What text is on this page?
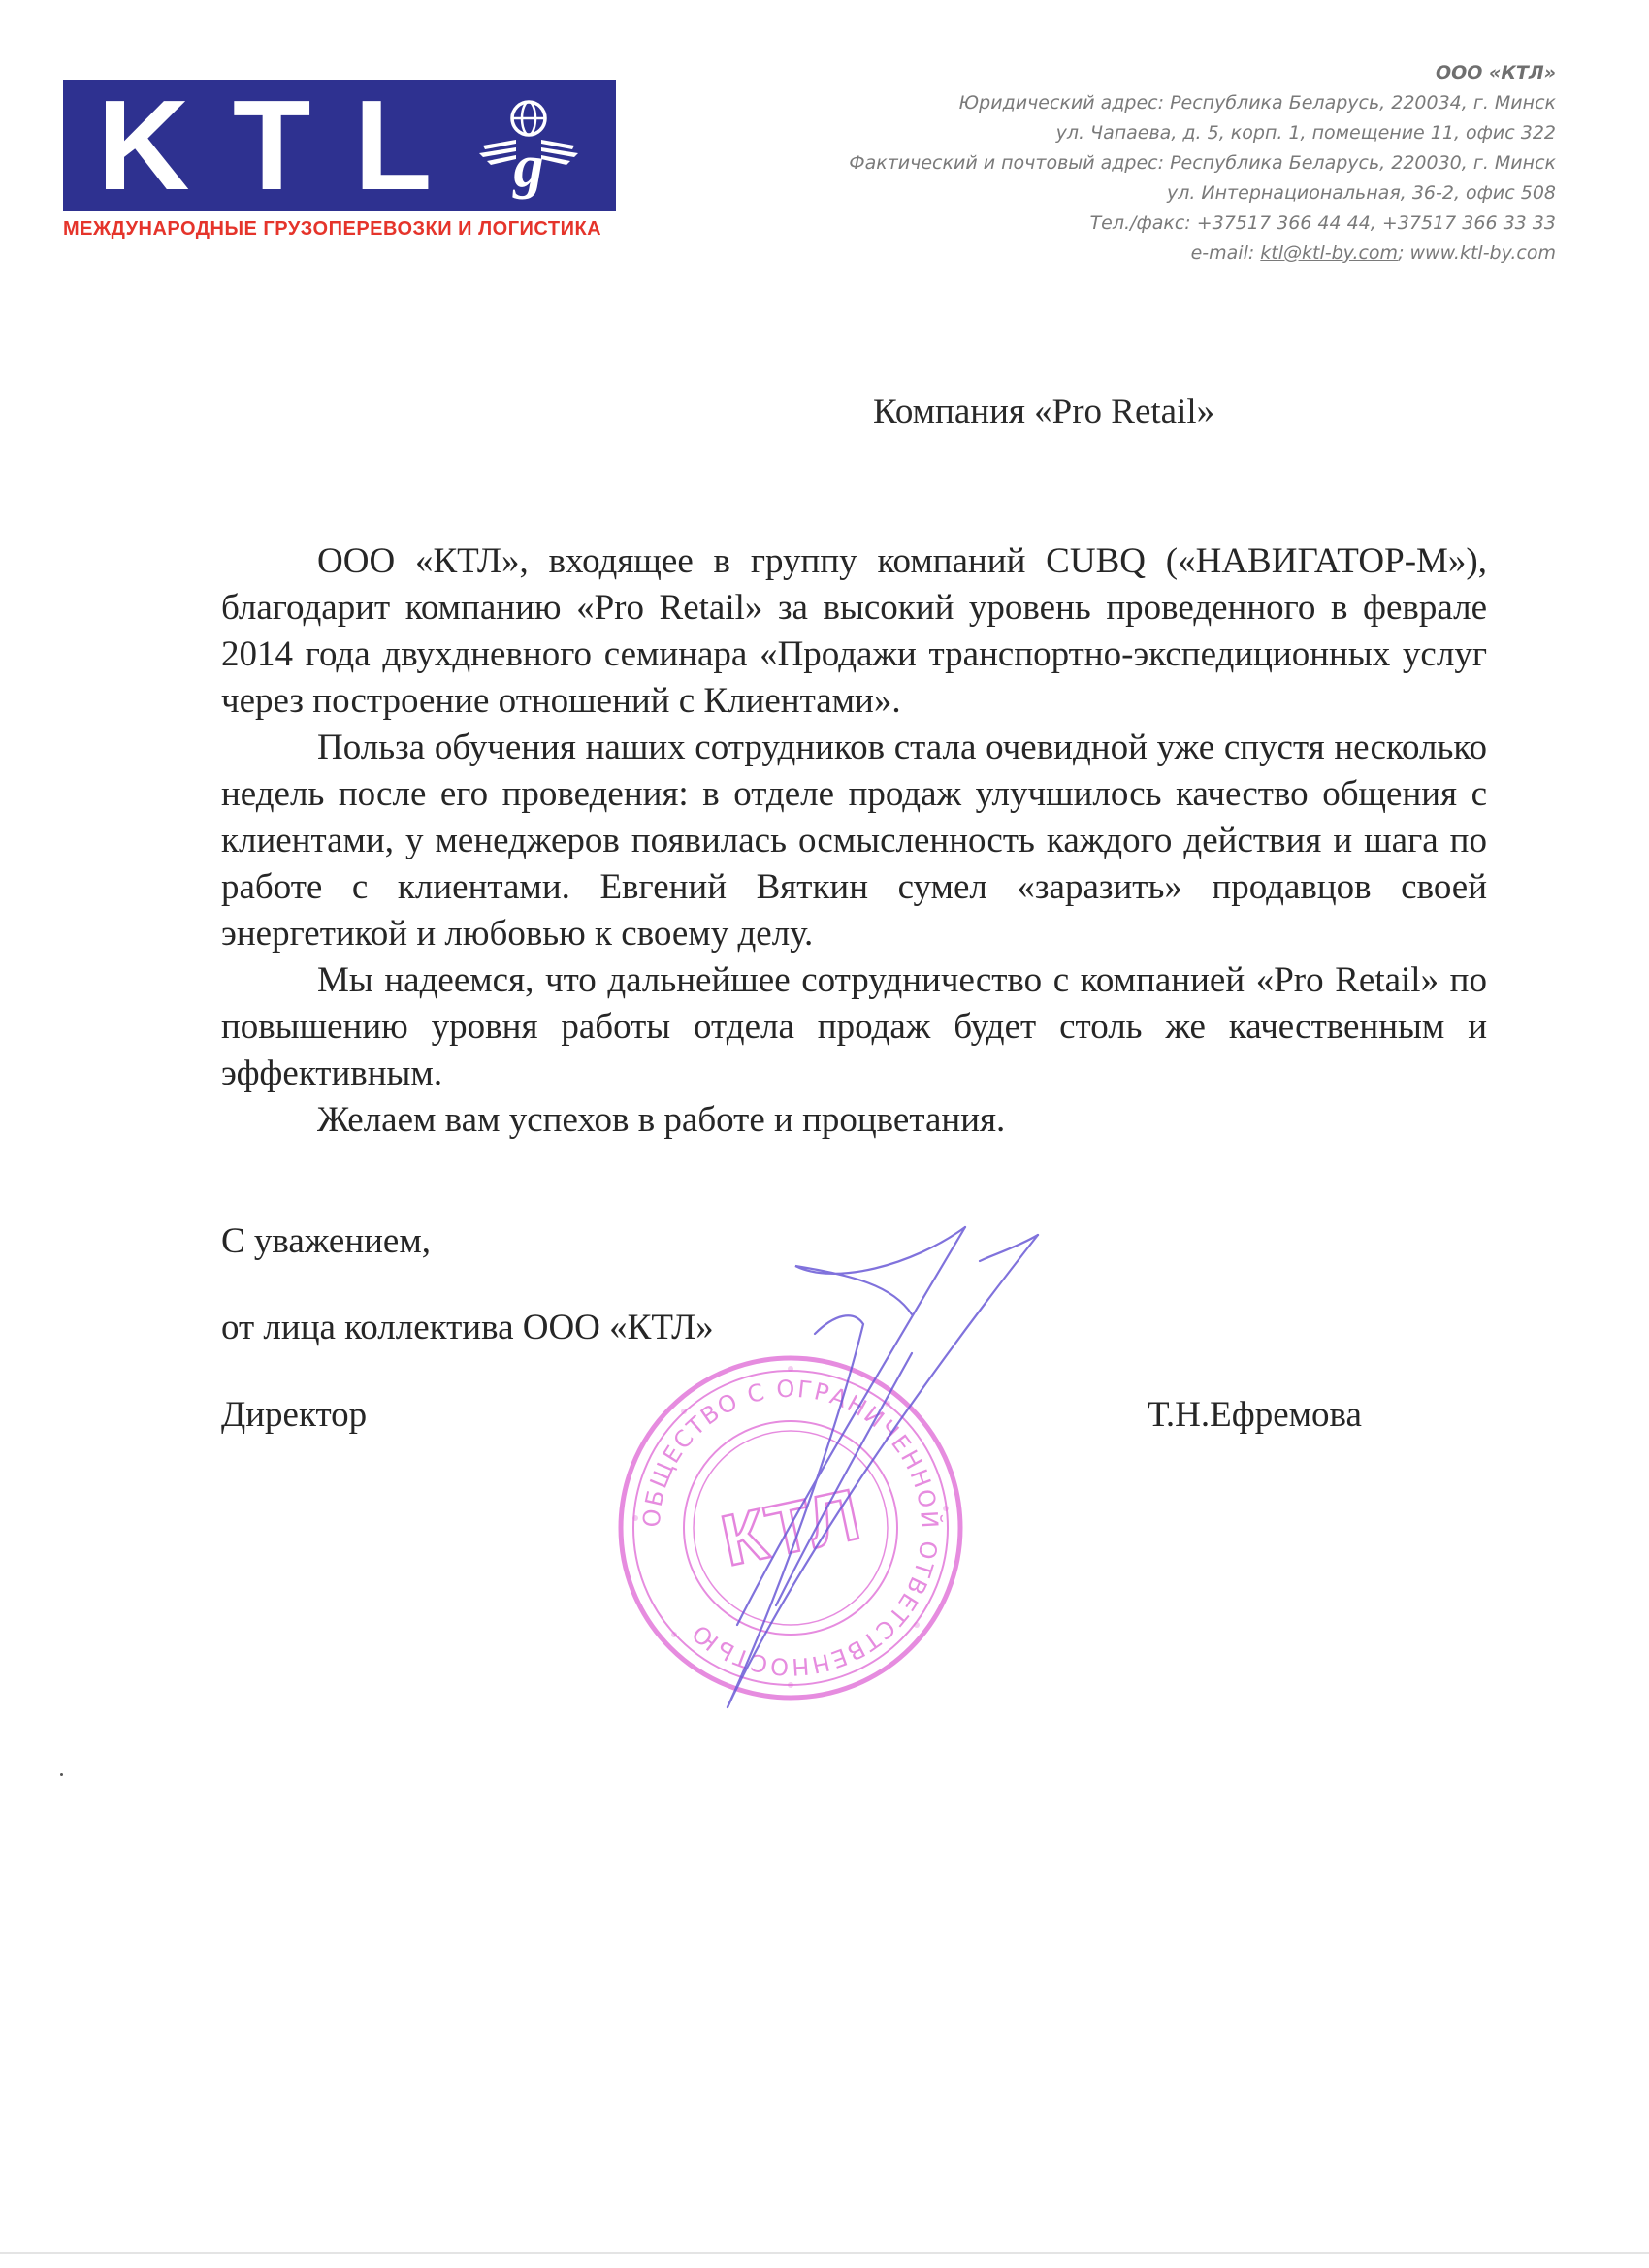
K T L g
МЕЖДУНАРОДНЫЕ ГРУЗОПЕРЕВОЗКИ И ЛОГИСТИКА
ООО «КТЛ»
Юридический адрес: Республика Беларусь, 220034, г. Минск
ул. Чапаева, д. 5, корп. 1, помещение 11, офис 322
Фактический и почтовый адрес: Республика Беларусь, 220030, г. Минск
ул. Интернациональная, 36-2, офис 508
Тел./факс: +37517 366 44 44, +37517 366 33 33
e-mail: ktl@ktl-by.com; www.ktl-by.com
Компания «Pro Retail»

ООО «КТЛ», входящее в группу компаний CUBQ («НАВИГАТОР-М»), благодарит компанию «Pro Retail» за высокий уровень проведенного в феврале 2014 года двухдневного семинара «Продажи транспортно-экспедиционных услуг через построение отношений с Клиентами».

Польза обучения наших сотрудников стала очевидной уже спустя несколько недель после его проведения: в отделе продаж улучшилось качество общения с клиентами, у менеджеров появилась осмысленность каждого действия и шага по работе с клиентами. Евгений Вяткин сумел «заразить» продавцов своей энергетикой и любовью к своему делу.

Мы надеемся, что дальнейшее сотрудничество с компанией «Pro Retail» по повышению уровня работы отдела продаж будет столь же качественным и эффективным.

Желаем вам успехов в работе и процветания.

С уважением,
от лица коллектива ООО «КТЛ»
Директор	Т.Н.Ефремова
ОБЩЕСТВО С ОГРАНИЧЕННОЙ ОТВЕТСТВЕННОСТЬЮ
КТЛ
